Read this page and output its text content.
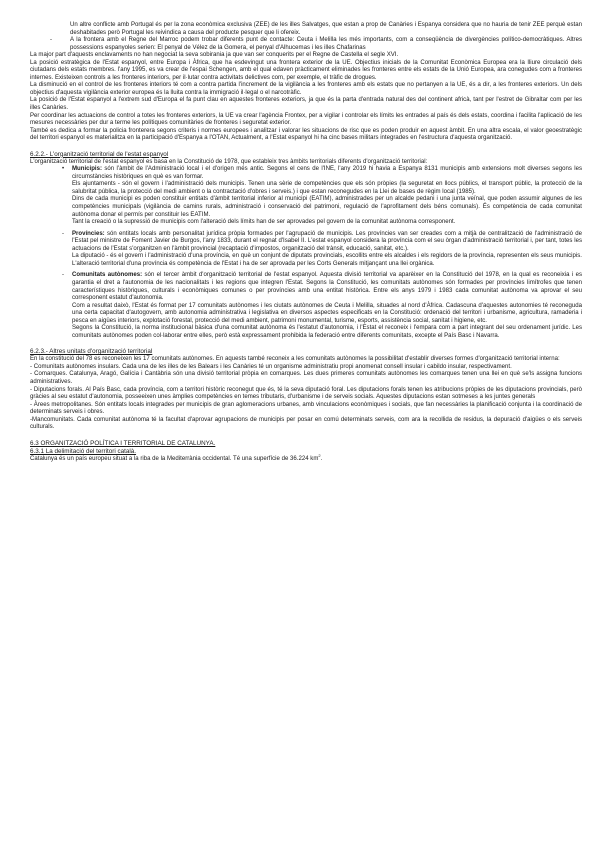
Un altre conflicte amb Portugal és per la zona econòmica exclusiva (ZEE) de les illes Salvatges, que estan a prop de Canàries i Espanya considera que no hauria de tenir ZEE perquè estan deshabitades però Portugal les reivindica a causa del producte pesquer que li ofereix.
-	A la frontera amb el Regne del Marroc podem trobar diferents punt de contacte: Ceuta i Melilla les més importants, com a conseqüència de divergències político-democràtiques. Altres possessions espanyoles serien: El penyal de Vélez de la Gomera, el penyal d'Alhucemas i les illes Chafarinas

La major part d'aquests enclavaments no han negociat la seva sobirania ja que van ser conquerits per el Regne de Castella el segle XVI.

La posició estratègica de l'Estat espanyol, entre Europa i Àfrica, que ha esdevingut una frontera exterior de la UE. Objectius inicials de la Comunitat Econòmica Europea era la lliure circulació dels ciutadans dels estats membres. l'any 1995, es va crear de l'espai Schengen, amb el qual edaven pràcticament eliminades les fronteres entre els estats de la Unió Europea, ara conegudes com a fronteres internes. Existeixen controls a les fronteres interiors, per il·lutar contra activitats delictives com, per exemple, el tràfic de drogues.

La disminució en el control de les fronteres interiors té com a contra partida l'increment de la vigilància a les fronteres amb els estats que no pertanyen a la UE, és a dir, a les fronteres exteriors. Un dels objectius d'aquesta vigilància exterior europea és la lluita contra la immigració il·legal o el narcotràfic.

La posició de l'Estat espanyol a l'extrem sud d'Europa el fa punt clau en aquestes fronteres exteriors, ja que és la parta d'entrada natural des del continent africà, tant per l'estret de Gibraltar com per les illes Canàries.

Per coordinar les actuacions de control a totes les fronteres exteriors, la UE va crear l'agència Frontex, per a vigilar i controlar els límits les entrades al país és dels estats, coordina i facilita l'aplicació de les mesures necessàries per dur a terme les polítiques comunitàries de fronteres i seguretat exterior.

També es dedica a formar la policia fronterera segons criteris i normes europees i analitzar i valorar les situacions de risc que es poden produir en aquest àmbit. En una altra escala, el valor geoestratègic del territori espanyol es materialitza en la participació d'Espanya a l'OTAN, Actualment, a l'Estat espanyol hi ha cinc bases militars integrades en l'estructura d'aquesta organització.

6.2.2.- L'organització territorial de l'estat espanyol

L'organització territorial de l'estat espanyol es basa en la Constitució de 1978, que estableix tres àmbits territorials diferents d'organització territorial:

•	Municipis: són l'àmbit de l'Administració local i el d'origen més antic. Segons el cens de l'INE, l'any 2019 hi havia a Espanya 8131 municipis amb extensions molt diverses segons les circumstàncies històriques en què es van formar.

Els ajuntaments - són el govern i l'administració dels municipis. Tenen una sèrie de competències que els són pròpies (la seguretat en llocs públics, el transport públic, la protecció de la salubritat pública, la protecció del medi ambient o la contractació d'obres i serveis.) i que estan reconegudes en la Llei de bases de règim local (1985).

Dins de cada municipi es poden constituir entitats d'àmbit territorial inferior al municipi (EATIM), administrades per un alcalde pedani i una junta veïnal, que poden assumir algunes de les competències municipals (vigilància de camins rurals, administració i conservació del patrimoni, regulació de l'aprofitament dels béns comunals). És competència de cada comunitat autònoma donar el permís per constituir les EATIM.

Tant la creació o la supressió de municipis com l'alteració dels límits han de ser aprovades pel govern de la comunitat autònoma corresponent.

-	Províncies: són entitats locals amb personalitat jurídica pròpia formades per l'agrupació de municipis. Les províncies van ser creades com a mitjà de centralització de l'administració de l'Estat pel ministre de Foment Javier de Burgos, l'any 1833, durant el regnat d'Isabel II. L'estat espanyol considera la província com el seu òrgan d'administració territorial i, per tant, totes les actuacions de l'Estat s'organitzen en l'àmbit provincial (recaptació d'impostos, organització del trànsit, educació, sanitat, etc.).

La diputació - és el govern i l'administració d'una província, en què un conjunt de diputats provincials, escollits entre els alcaldes i els regidors de la província, representen els seus municipis. L'alteració territorial d'una província és competència de l'Estat i ha de ser aprovada per les Corts Generals mitjançant una llei orgànica.

-	Comunitats autònomes: són el tercer àmbit d'organització territorial de l'estat espanyol. Aquesta divisió territorial va aparèixer en la Constitució del 1978, en la qual es reconeixia i es garantia el dret a l'autonomia de les nacionalitats i les regions que integren l'Estat. Segons la Constitució, les comunitats autònomes són formades per províncies limítrofes que tenen característiques històriques, culturals i econòmiques comunes o per províncies amb una entitat històrica. Entre els anys 1979 i 1983 cada comunitat autònoma va aprovar el seu corresponent estatut d'autonomia.

Com a resultat daixò, l'Estat és format per 17 comunitats autònomes i les ciutats autònomes de Ceuta i Melilla, situades al nord d'Àfrica. Cadascuna d'aquestes autonomies té reconeguda una certa capacitat d'autogovern, amb autonomia administrativa i legislativa en diversos aspectes especificats en la Constitució: ordenació del territori i urbanisme, agricultura, ramaderia i pesca en aigües interiors, explotació forestal, protecció del medi ambient, patrimoni monumental, turisme, esports, assistència social, sanitat i higiene, etc.

Segons la Constitució, la norma institucional bàsica d'una comunitat autònoma és l'estatut d'autonomia, i l'Estat el reconeix i l'empara com a part integrant del seu ordenament jurídic. Les comunitats autònomes poden col·laborar entre elles, però està expressament prohibida la federació entre diferents comunitats, excepte el País Basc i Navarra.

6.2.3.- Altres unitats d'organització territorial

En la constitució del 78 es reconeixen les 17 comunitats autònomes. En aquests també reconeix a les comunitats autònomes la possibilitat d'establir diverses formes d'organització territorial interna:

- Comunitats autònomes insulars. Cada una de les illes de les Balears i les Canàries té un organisme administratiu propi anomenat consell insular i cabildo insular, respectivament.

- Comarques. Catalunya, Aragó, Galícia i Cantàbria són una divisió territorial pròpia en comarques. Les dues primeres comunitats autònomes les comarques tenen una llei en què se'ls assigna funcions administratives.

- Diputacions forals. Al País Basc, cada província, com a territori històric reconegut que és, té la seva diputació foral. Les diputacions forals tenen les atribucions pròpies de les diputacions provincials, però gràcies al seu estatut d'autonomia, posseeixen unes àmplies competències en temes tributaris, d'urbanisme i de serveis socials. Aquestes diputacions estan sotmeses a les juntes generals

- Àrees metropolitanes. Són entitats locals integrades per municipis de gran aglomeracions urbanes, amb vinculacions econòmiques i socials, que fan necessàries la planificació conjunta i la coordinació de determinats serveis i obres.

-Mancomunitats. Cada comunitat autònoma té la facultat d'aprovar agrupacions de municipis per posar en comú determinats serveis, com ara la recollida de residus, la depuració d'aigües o els serveis culturals.

6.3 ORGANITZACIÓ POLÍTICA I TERRITORIAL DE CATALUNYA.

6.3.1 La delimitació del territori català.

Catalunya és un país europeu situat a la riba de la Mediterrània occidental. Té una superfície de 36.224 $km^2$.
